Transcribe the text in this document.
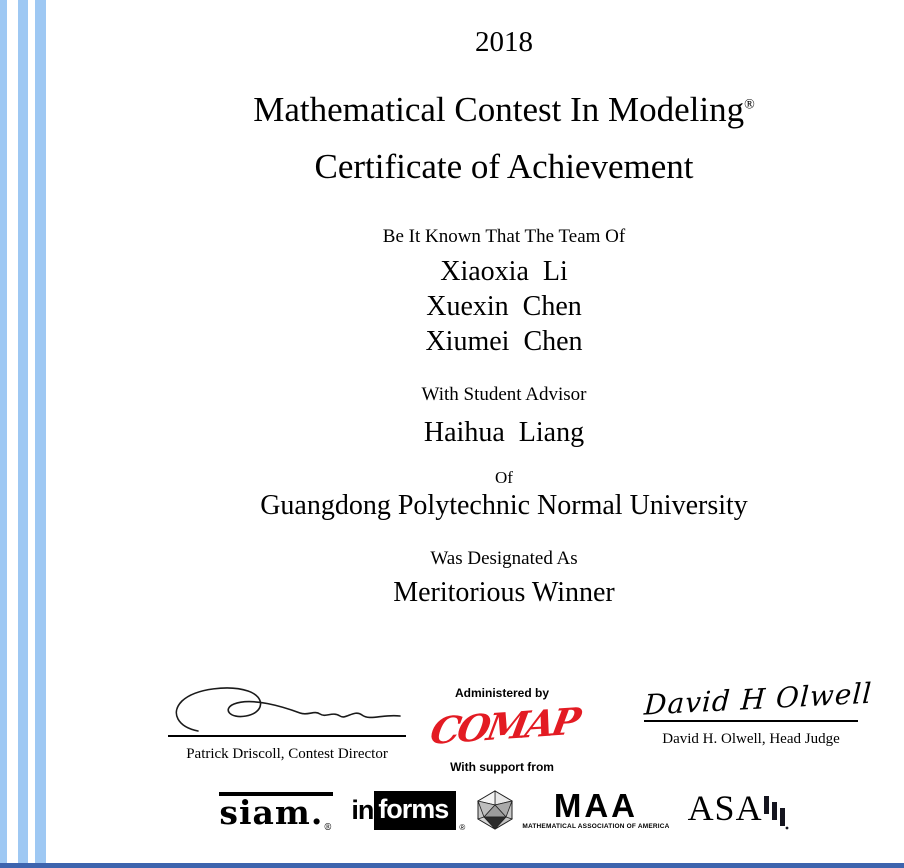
2018
Mathematical Contest In Modeling®
Certificate of Achievement
Be It Known That The Team Of
Xiaoxia  Li
Xuexin  Chen
Xiumei  Chen
With Student Advisor
Haihua  Liang
Of
Guangdong Polytechnic Normal University
Was Designated As
Meritorious Winner
Patrick Driscoll, Contest Director
Administered by
COMAP
With support from
David H Olwell
David H. Olwell, Head Judge
siam.®
in forms
®
MAA
MATHEMATICAL ASSOCIATION OF AMERICA ASA
